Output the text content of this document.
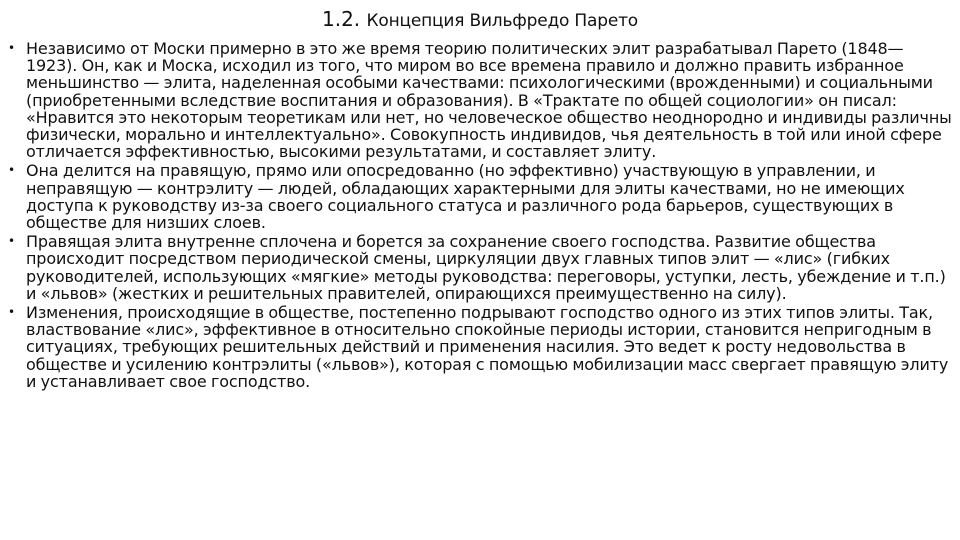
1.2. Концепция Вильфредо Парето
• Независимо от Моски примерно в это же время теорию политических элит разрабатывал Парето (1848—1923). Он, как и Моска, исходил из того, что миром во все времена правило и должно править избранное меньшинство — элита, наделенная особыми качествами: психологическими (врожденными) и социальными (приобретенными вследствие воспитания и образования). В «Трактате по общей социологии» он писал: «Нравится это некоторым теоретикам или нет, но человеческое общество неоднородно и индивиды различны физически, морально и интеллектуально». Совокупность индивидов, чья деятельность в той или иной сфере отличается эффективностью, высокими результатами, и составляет элиту.
• Она делится на правящую, прямо или опосредованно (но эффективно) участвующую в управлении, и неправящую — контрэлиту — людей, обладающих характерными для элиты качествами, но не имеющих доступа к руководству из-за своего социального статуса и различного рода барьеров, существующих в обществе для низших слоев.
• Правящая элита внутренне сплочена и борется за сохранение своего господства. Развитие общества происходит посредством периодической смены, циркуляции двух главных типов элит — «лис» (гибких руководителей, использующих «мягкие» методы руководства: переговоры, уступки, лесть, убеждение и т.п.) и «львов» (жестких и решительных правителей, опирающихся преимущественно на силу).
• Изменения, происходящие в обществе, постепенно подрывают господство одного из этих типов элиты. Так, властвование «лис», эффективное в относительно спокойные периоды истории, становится непригодным в ситуациях, требующих решительных действий и применения насилия. Это ведет к росту недовольства в обществе и усилению контрэлиты («львов»), которая с помощью мобилизации масс свергает правящую элиту и устанавливает свое господство.
